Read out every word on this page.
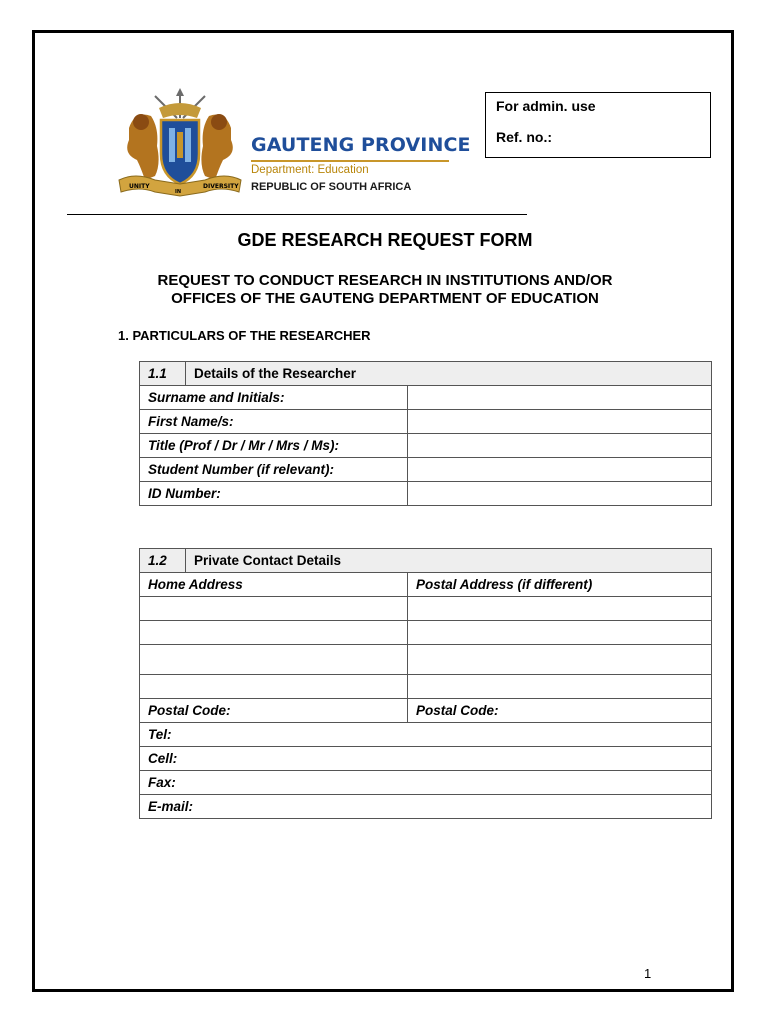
UNITY
IN
DIVERSITY
GAUTENG PROVINCE
Department: Education
REPUBLIC OF SOUTH AFRICA
For admin. use
Ref. no.:
GDE RESEARCH REQUEST FORM
REQUEST TO CONDUCT RESEARCH IN INSTITUTIONS AND/OR
OFFICES OF THE GAUTENG DEPARTMENT OF EDUCATION
1. PARTICULARS OF THE RESEARCHER
1.1	Details of the Researcher	
Surname and Initials:		
First Name/s:		
Title (Prof / Dr / Mr / Mrs / Ms):		
Student Number (if relevant):		
ID Number:		
1.2	Private Contact Details	
Home Address		Postal Address (if different)

Postal Code:		Postal Code:
Tel:		
Cell:		
Fax:		
E-mail:		
1
